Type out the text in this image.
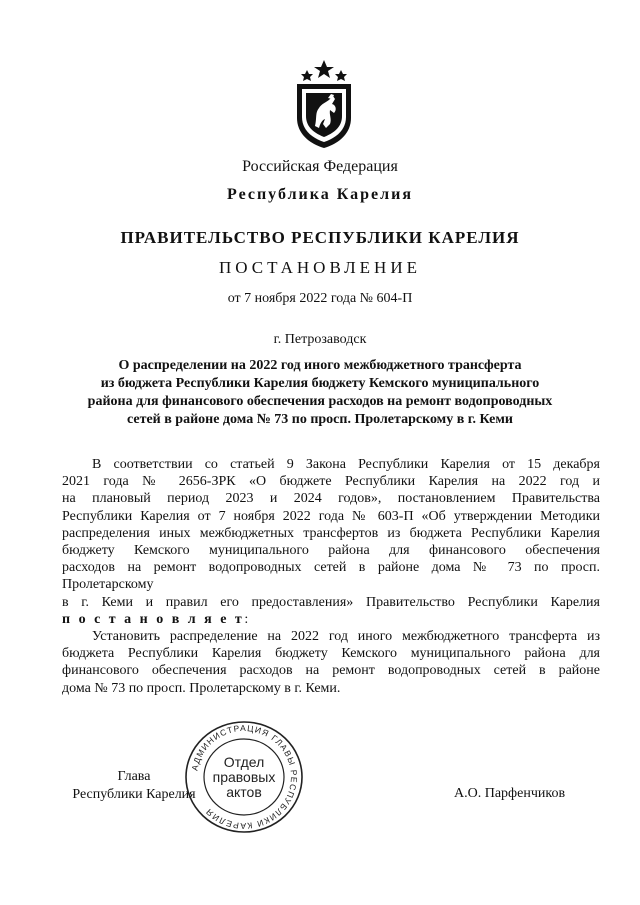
Российская Федерация
Республика Карелия
ПРАВИТЕЛЬСТВО РЕСПУБЛИКИ КАРЕЛИЯ
ПОСТАНОВЛЕНИЕ
от 7 ноября 2022 года № 604-П
г. Петрозаводск
О распределении на 2022 год иного межбюджетного трансферта
из бюджета Республики Карелия бюджету Кемского муниципального
района для финансового обеспечения расходов на ремонт водопроводных
сетей в районе дома № 73 по просп. Пролетарскому в г. Кеми
В соответствии со статьей 9 Закона Республики Карелия от 15 декабря
2021 года № 2656-ЗРК «О бюджете Республики Карелия на 2022 год и
на плановый период 2023 и 2024 годов», постановлением Правительства
Республики Карелия от 7 ноября 2022 года № 603-П «Об утверждении Методики
распределения иных межбюджетных трансфертов из бюджета Республики Карелия
бюджету Кемского муниципального района для финансового обеспечения
расходов на ремонт водопроводных сетей в районе дома № 73 по просп.
Пролетарскому
в г. Кеми и правил его предоставления» Правительство Республики Карелия
п о с т а н о в л я е т:
Установить распределение на 2022 год иного межбюджетного трансферта из
бюджета Республики Карелия бюджету Кемского муниципального района для
финансового обеспечения расходов на ремонт водопроводных сетей в районе
дома № 73 по просп. Пролетарскому в г. Кеми.
Глава
Республики Карелия	А.О. Парфенчиков
АДМИНИСТРАЦИЯ ГЛАВЫ РЕСПУБЛИКИ КАРЕЛИЯ
Отдел
правовых
актов
